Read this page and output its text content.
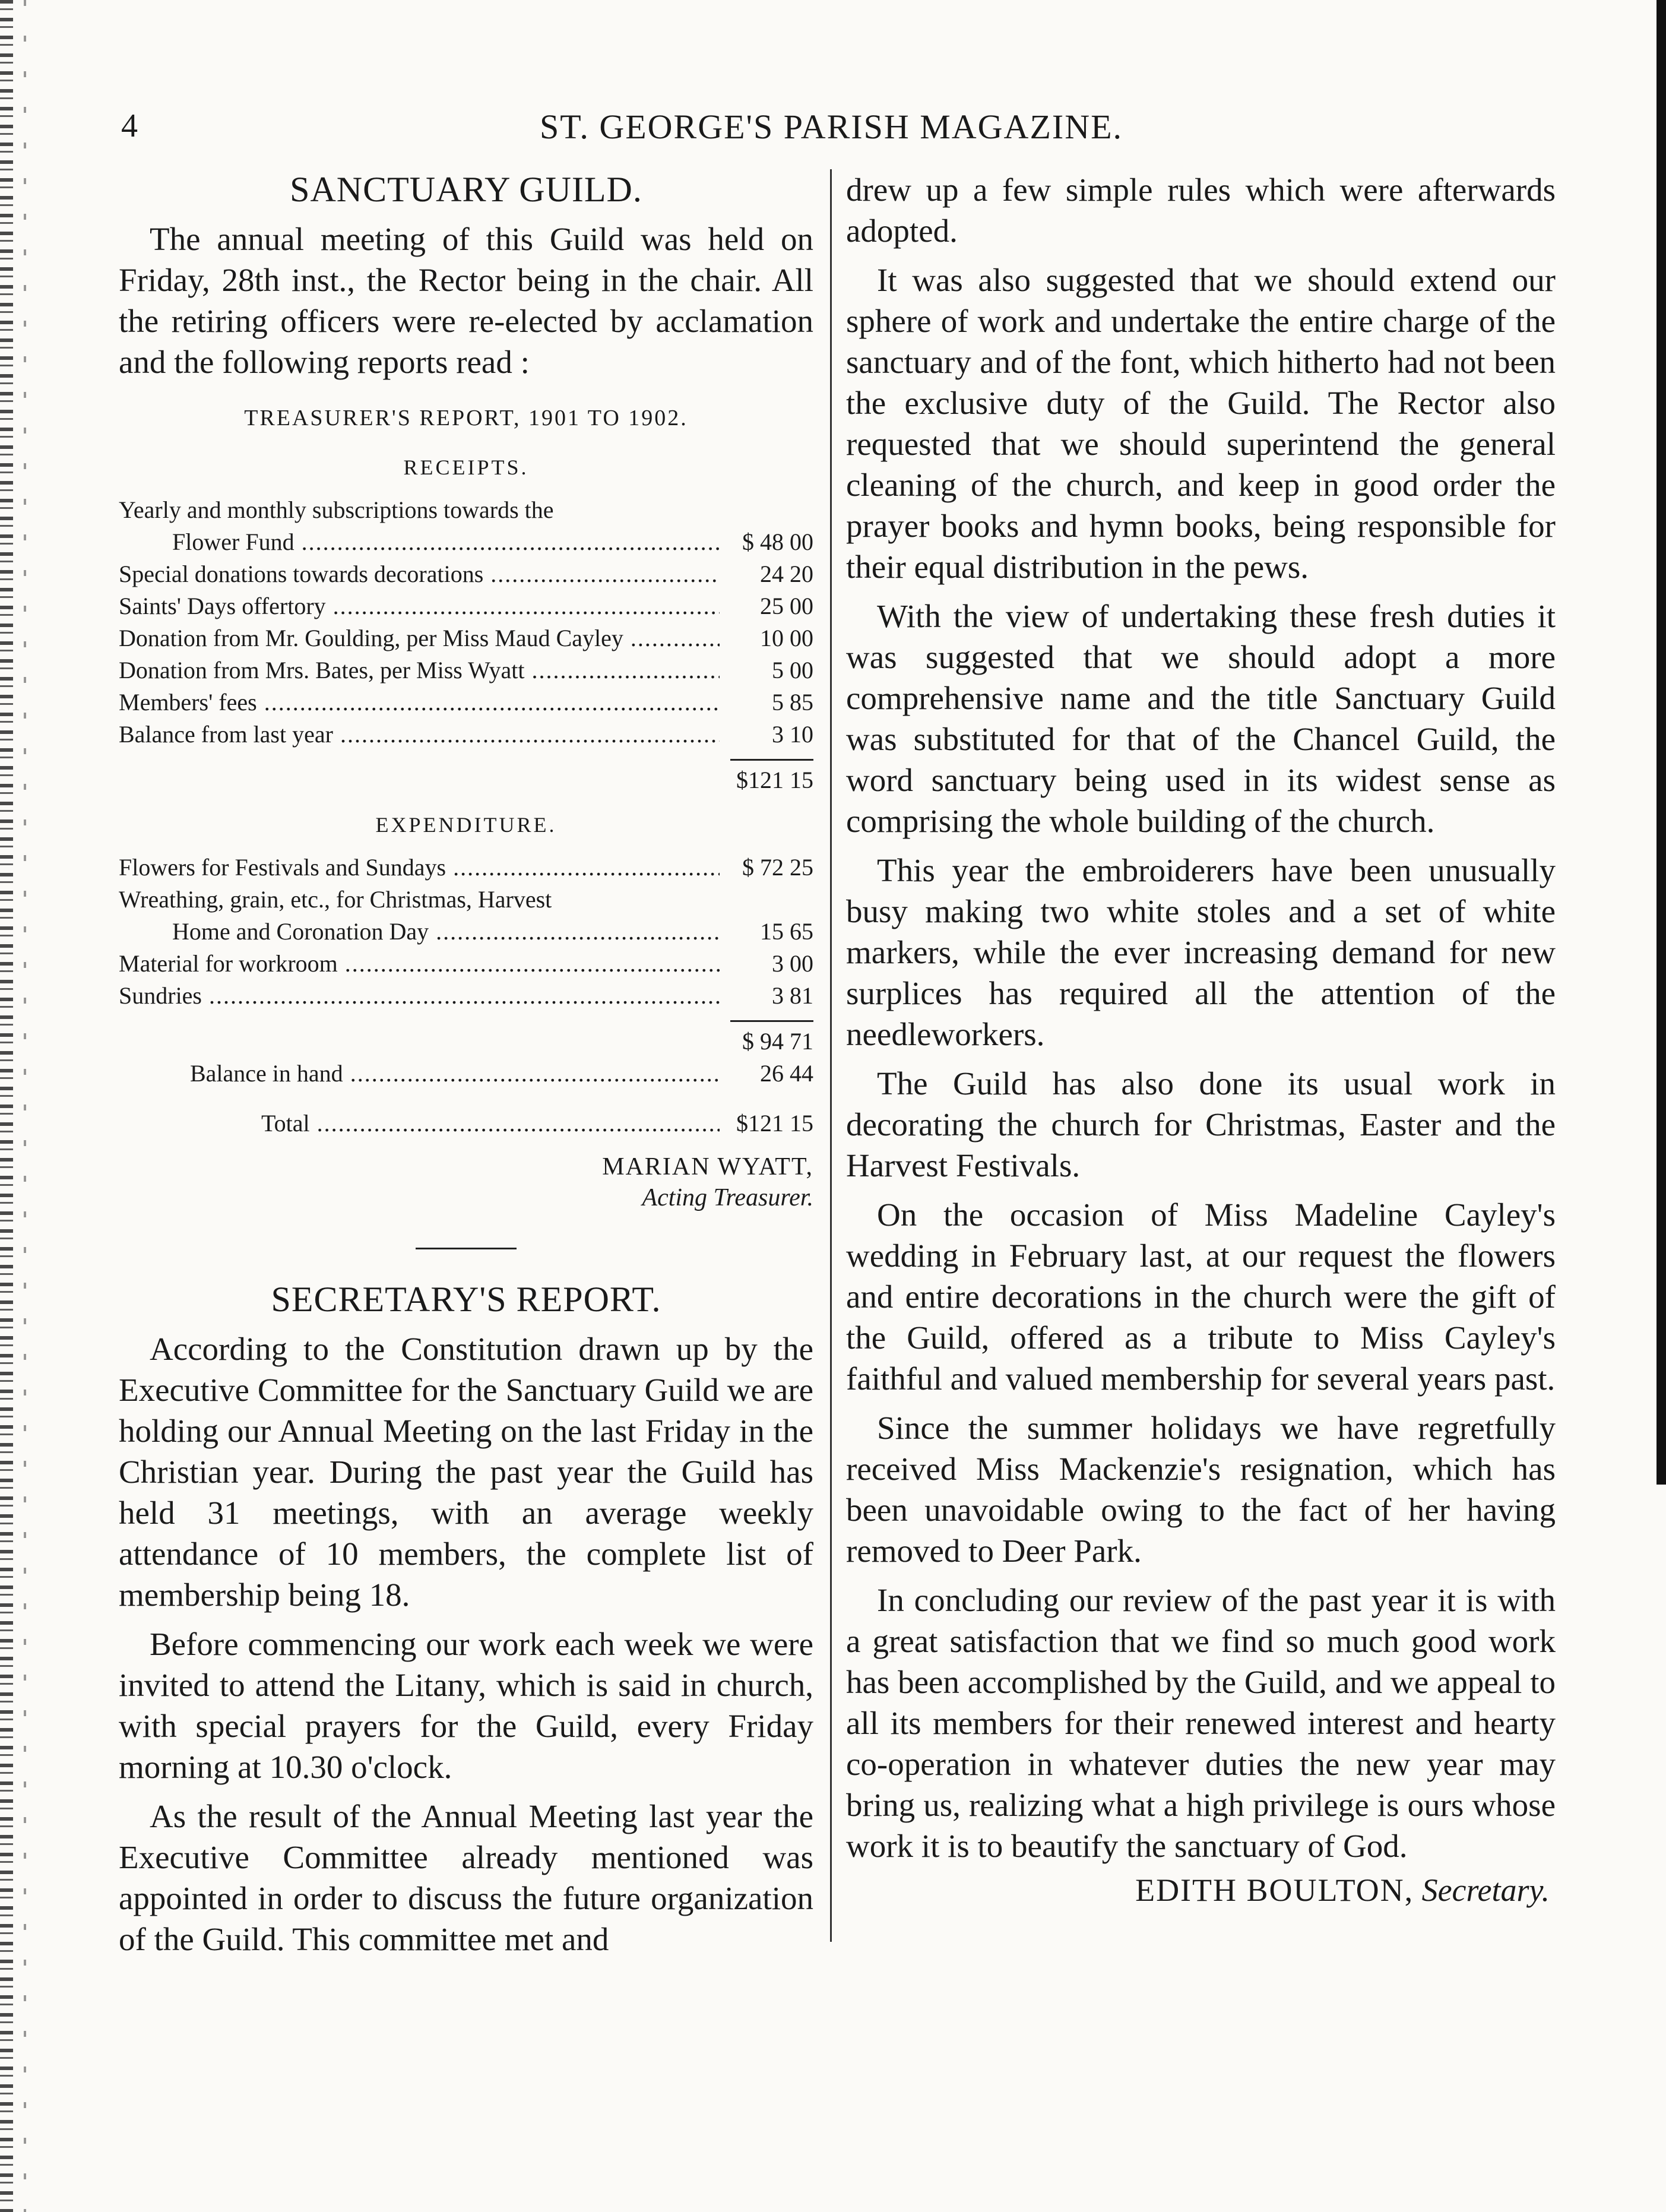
4	ST. GEORGE'S PARISH MAGAZINE.
SANCTUARY GUILD.

The annual meeting of this Guild was held on Friday, 28th inst., the Rector being in the chair. All the retiring officers were re-elected by acclamation and the following reports read :

TREASURER'S REPORT, 1901 TO 1902.
RECEIPTS.
Yearly and monthly subscriptions towards the
Flower Fund .....	$ 48 00
Special donations towards decorations .....	24 20
Saints' Days offertory .....	25 00
Donation from Mr. Goulding, per Miss Maud Cayley .....	10 00
Donation from Mrs. Bates, per Miss Wyatt .....	5 00
Members' fees .....	5 85
Balance from last year .....	3 10
$121 15
EXPENDITURE.
Flowers for Festivals and Sundays .....	$ 72 25
Wreathing, grain, etc., for Christmas, Harvest
Home and Coronation Day .....	15 65
Material for workroom .....	3 00
Sundries .....	3 81
$ 94 71
Balance in hand .....	26 44
Total .....	$121 15
MARIAN WYATT,
Acting Treasurer.
SECRETARY'S REPORT.

According to the Constitution drawn up by the Executive Committee for the Sanctuary Guild we are holding our Annual Meeting on the last Friday in the Christian year. During the past year the Guild has held 31 meetings, with an average weekly attendance of 10 members, the complete list of membership being 18.

Before commencing our work each week we were invited to attend the Litany, which is said in church, with special prayers for the Guild, every Friday morning at 10.30 o'clock.

As the result of the Annual Meeting last year the Executive Committee already mentioned was appointed in order to discuss the future organization of the Guild. This committee met and

drew up a few simple rules which were afterwards adopted.

It was also suggested that we should extend our sphere of work and undertake the entire charge of the sanctuary and of the font, which hitherto had not been the exclusive duty of the Guild. The Rector also requested that we should superintend the general cleaning of the church, and keep in good order the prayer books and hymn books, being responsible for their equal distribution in the pews.

With the view of undertaking these fresh duties it was suggested that we should adopt a more comprehensive name and the title Sanctuary Guild was substituted for that of the Chancel Guild, the word sanctuary being used in its widest sense as comprising the whole building of the church.

This year the embroiderers have been unusually busy making two white stoles and a set of white markers, while the ever increasing demand for new surplices has required all the attention of the needleworkers.

The Guild has also done its usual work in decorating the church for Christmas, Easter and the Harvest Festivals.

On the occasion of Miss Madeline Cayley's wedding in February last, at our request the flowers and entire decorations in the church were the gift of the Guild, offered as a tribute to Miss Cayley's faithful and valued membership for several years past.

Since the summer holidays we have regretfully received Miss Mackenzie's resignation, which has been unavoidable owing to the fact of her having removed to Deer Park.

In concluding our review of the past year it is with a great satisfaction that we find so much good work has been accomplished by the Guild, and we appeal to all its members for their renewed interest and hearty co-operation in whatever duties the new year may bring us, realizing what a high privilege is ours whose work it is to beautify the sanctuary of God.

EDITH BOULTON, Secretary.
